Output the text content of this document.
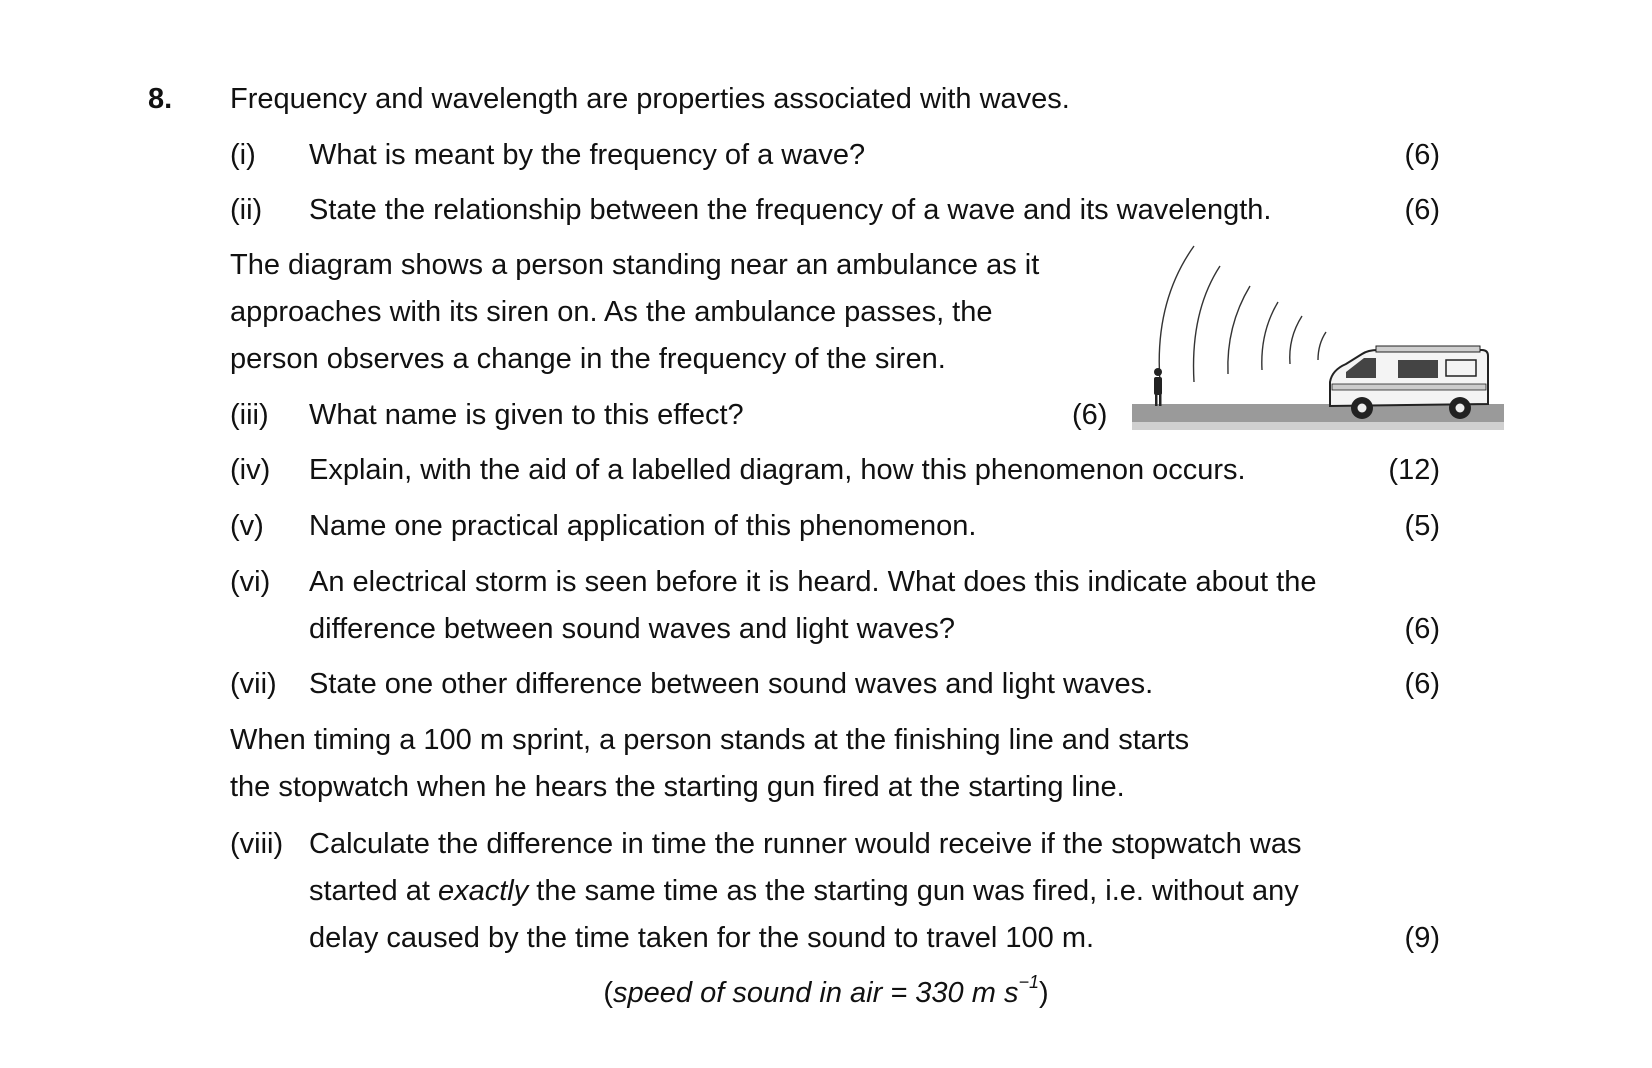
8. Frequency and wavelength are properties associated with waves.
(i) What is meant by the frequency of a wave?	(6)
(ii) State the relationship between the frequency of a wave and its wavelength.	(6)
The diagram shows a person standing near an ambulance as it
approaches with its siren on. As the ambulance passes, the
person observes a change in the frequency of the siren.
(iii) What name is given to this effect?	(6)
(iv) Explain, with the aid of a labelled diagram, how this phenomenon occurs.	(12)
(v) Name one practical application of this phenomenon.	(5)
(vi) An electrical storm is seen before it is heard. What does this indicate about the
difference between sound waves and light waves?	(6)
(vii) State one other difference between sound waves and light waves.	(6)
When timing a 100 m sprint, a person stands at the finishing line and starts
the stopwatch when he hears the starting gun fired at the starting line.
(viii) Calculate the difference in time the runner would receive if the stopwatch was
started at exactly the same time as the starting gun was fired, i.e. without any
delay caused by the time taken for the sound to travel 100 m.	(9)
(speed of sound in air = 330 m $s^{-1}$)
